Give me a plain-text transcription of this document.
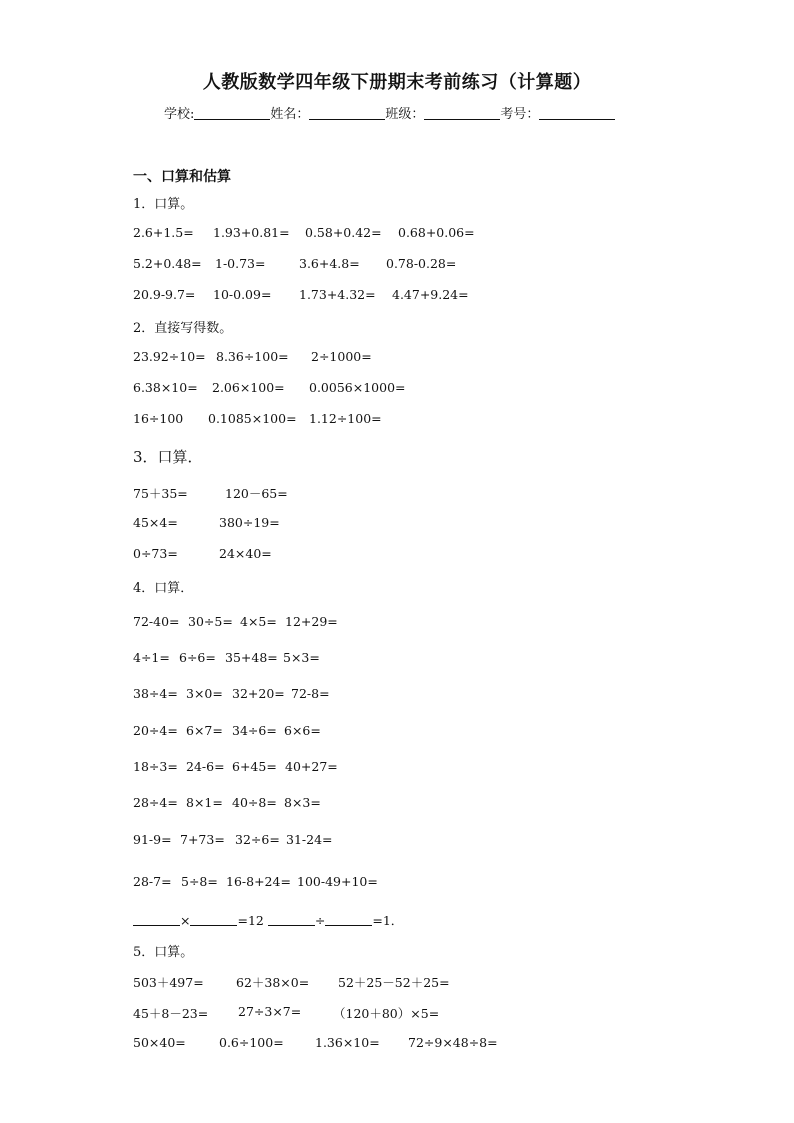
人教版数学四年级下册期末考前练习（计算题）
学校:	姓名：	班级：	考号：
一、口算和估算
1．口算。
2.6+1.5= 1.93+0.81= 0.58+0.42= 0.68+0.06=
5.2+0.48= 1-0.73=	3.6+4.8= 0.78-0.28=
20.9-9.7= 10-0.09= 1.73+4.32= 4.47+9.24=
2．直接写得数。
23.92÷10= 8.36÷100= 2÷1000=
6.38×10= 2.06×100= 0.0056×1000=
16÷100 0.1085×100= 1.12÷100=
3．口算．
75＋35=	120－65=
45×4=	380÷19=
0÷73=	24×40=
4．口算．
72-40= 30÷5= 4×5= 12+29=
4÷1= 6÷6= 35+48= 5×3=
38÷4= 3×0= 32+20= 72-8=
20÷4= 6×7= 34÷6= 6×6=
18÷3= 24-6= 6+45= 40+27=
28÷4= 8×1= 40÷8= 8×3=
91-9= 7+73= 32÷6= 31-24=
28-7= 5÷8= 16-8+24= 100-49+10=
×	=12	÷	=1．
5．口算。
503＋497=	62＋38×0= 52＋25－52＋25=
45＋8－23= 27÷3×7=	（120＋80）×5=
50×40=	0.6÷100=	1.36×10= 72÷9×48÷8=
